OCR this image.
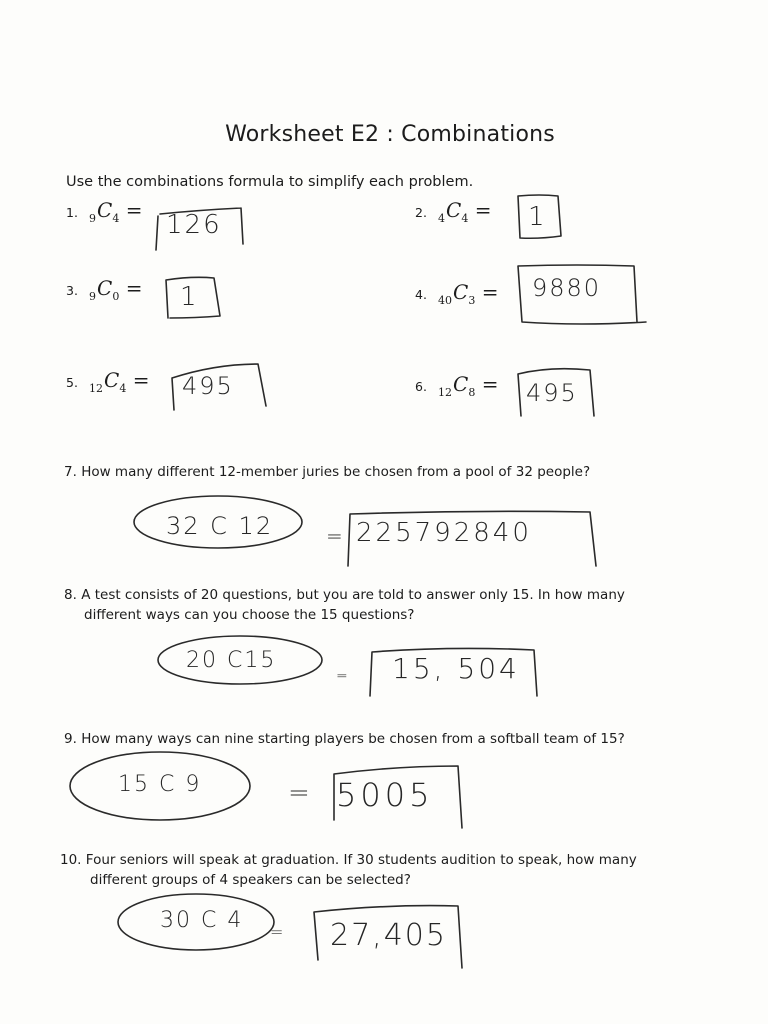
Worksheet E2 : Combinations
Use the combinations formula to simplify each problem.
1. $_9C_4 = 126$	2. $_4C_4 = 1$
3. $_9C_0 = 1$	4. $_{40}C_3 = 9880$
5. $_{12}C_4 = 495$	6. $_{12}C_8 = 495$
7. How many different 12-member juries be chosen from a pool of 32 people?
32 C 12	= 225792840
8. A test consists of 20 questions, but you are told to answer only 15. In how many
different ways can you choose the 15 questions?
20 C15
= 15, 504
9. How many ways can nine starting players be chosen from a softball team of 15?
15 C 9	= 5005
10. Four seniors will speak at graduation. If 30 students audition to speak, how many
different groups of 4 speakers can be selected?
30 C 4 = 27,405
